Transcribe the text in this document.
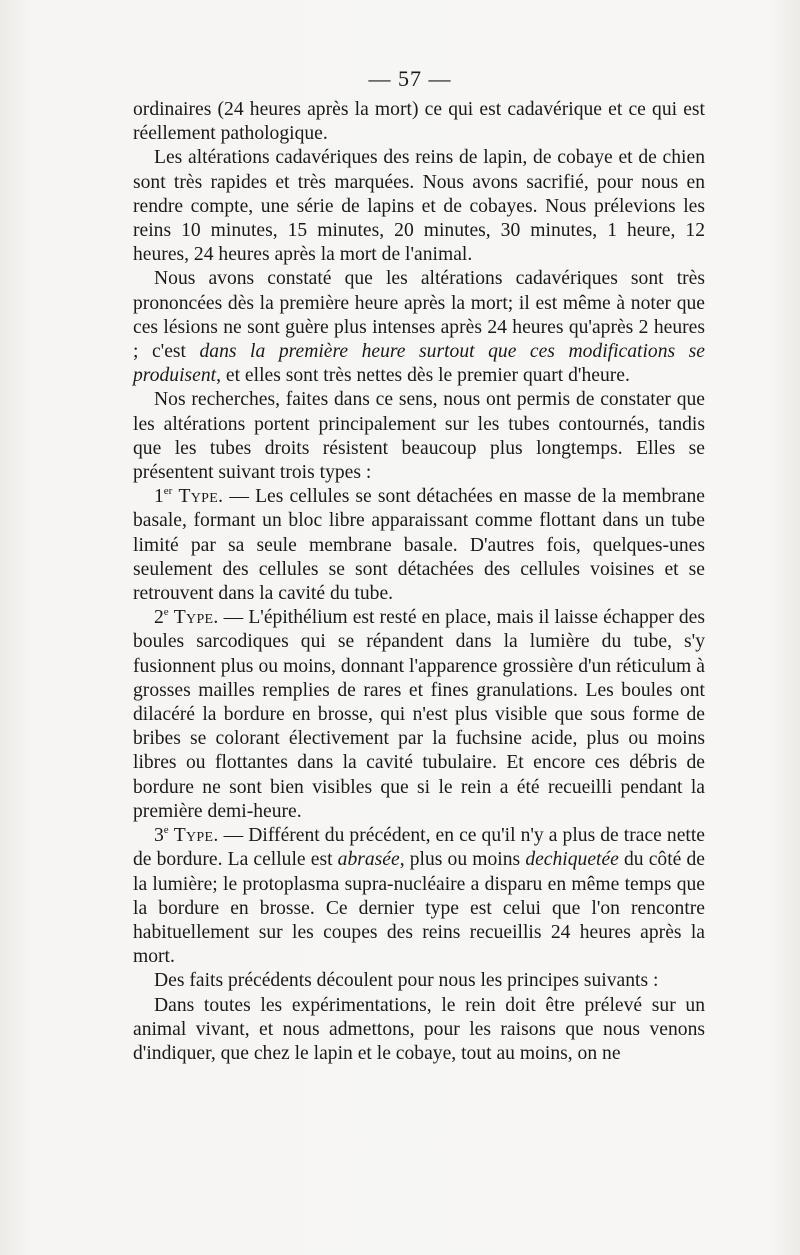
— 57 —

ordinaires (24 heures après la mort) ce qui est cadavérique et ce qui est réellement pathologique.

Les altérations cadavériques des reins de lapin, de cobaye et de chien sont très rapides et très marquées. Nous avons sacrifié, pour nous en rendre compte, une série de lapins et de cobayes. Nous prélevions les reins 10 minutes, 15 minutes, 20 minutes, 30 minutes, 1 heure, 12 heures, 24 heures après la mort de l'animal.

Nous avons constaté que les altérations cadavériques sont très prononcées dès la première heure après la mort; il est même à noter que ces lésions ne sont guère plus intenses après 24 heures qu'après 2 heures ; c'est dans la première heure surtout que ces modifications se produisent, et elles sont très nettes dès le premier quart d'heure.

Nos recherches, faites dans ce sens, nous ont permis de constater que les altérations portent principalement sur les tubes contournés, tandis que les tubes droits résistent beaucoup plus longtemps. Elles se présentent suivant trois types :

1er Type. — Les cellules se sont détachées en masse de la membrane basale, formant un bloc libre apparaissant comme flottant dans un tube limité par sa seule membrane basale. D'autres fois, quelques-unes seulement des cellules se sont détachées des cellules voisines et se retrouvent dans la cavité du tube.

2e Type. — L'épithélium est resté en place, mais il laisse échapper des boules sarcodiques qui se répandent dans la lumière du tube, s'y fusionnent plus ou moins, donnant l'apparence grossière d'un réticulum à grosses mailles remplies de rares et fines granulations. Les boules ont dilacéré la bordure en brosse, qui n'est plus visible que sous forme de bribes se colorant électivement par la fuchsine acide, plus ou moins libres ou flottantes dans la cavité tubulaire. Et encore ces débris de bordure ne sont bien visibles que si le rein a été recueilli pendant la première demi-heure.

3e Type. — Différent du précédent, en ce qu'il n'y a plus de trace nette de bordure. La cellule est abrasée, plus ou moins dechiquetée du côté de la lumière; le protoplasma supra-nucléaire a disparu en même temps que la bordure en brosse. Ce dernier type est celui que l'on rencontre habituellement sur les coupes des reins recueillis 24 heures après la mort.

Des faits précédents découlent pour nous les principes suivants :

Dans toutes les expérimentations, le rein doit être prélevé sur un animal vivant, et nous admettons, pour les raisons que nous venons d'indiquer, que chez le lapin et le cobaye, tout au moins, on ne
